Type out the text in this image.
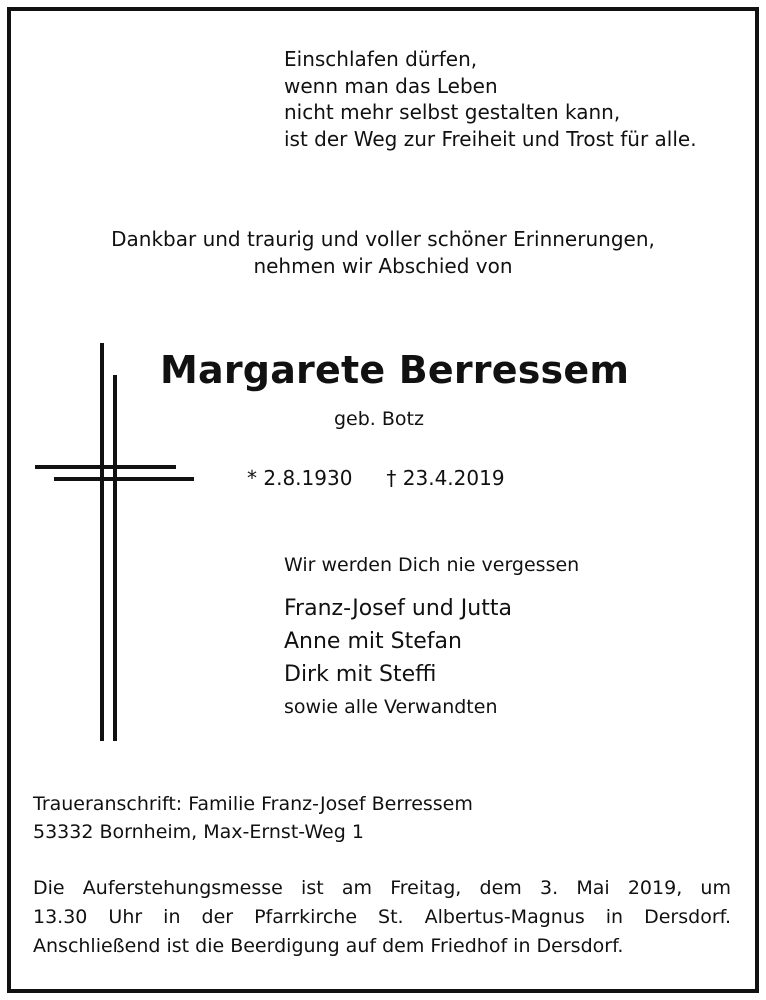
Einschlafen dürfen,
wenn man das Leben
nicht mehr selbst gestalten kann,
ist der Weg zur Freiheit und Trost für alle.
Dankbar und traurig und voller schöner Erinnerungen,
nehmen wir Abschied von
Margarete Berressem
geb. Botz
* 2.8.1930 † 23.4.2019
Wir werden Dich nie vergessen
Franz-Josef und Jutta
Anne mit Stefan
Dirk mit Steffi
sowie alle Verwandten
Traueranschrift: Familie Franz-Josef Berressem
53332 Bornheim, Max-Ernst-Weg 1
Die Auferstehungsmesse ist am Freitag, dem 3. Mai 2019, um
13.30 Uhr in der Pfarrkirche St. Albertus-Magnus in Dersdorf.
Anschließend ist die Beerdigung auf dem Friedhof in Dersdorf.
